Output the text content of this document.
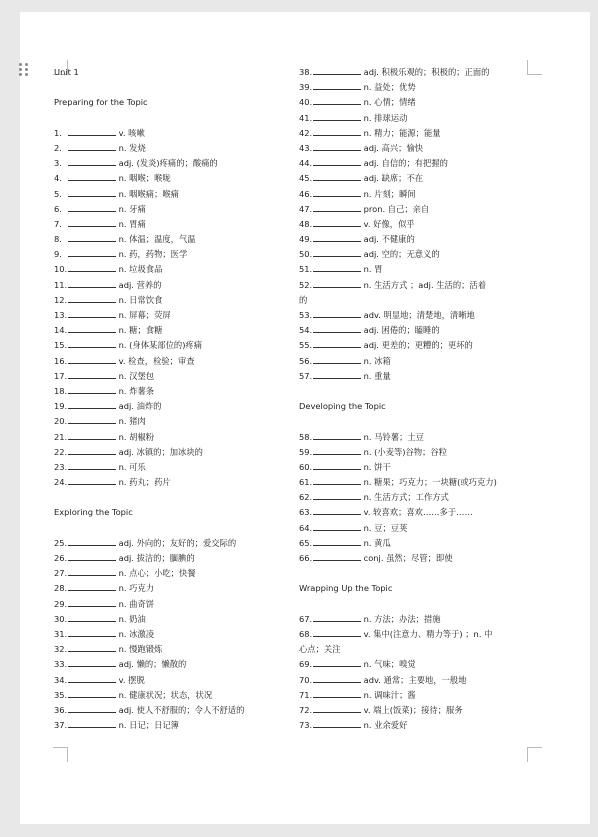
Unit 1
Preparing for the Topic
1.	v. 咳嗽
2.	n. 发烧
3.	adj. (发炎)疼痛的；酸痛的
4.	n. 咽喉；喉咙
5.	n. 咽喉痛；喉痛
6.	n. 牙痛
7.	n. 胃痛
8.	n. 体温；温度，气温
9.	n. 药，药物；医学
10.	n. 垃圾食品
11.	adj. 营养的
12.	n. 日常饮食
13.	n. 屏幕；荧屏
14.	n. 糖；食糖
15.	n. (身体某部位的)疼痛
16.	v. 检查，检验；审查
17.	n. 汉堡包
18.	n. 炸薯条
19.	adj. 油炸的
20.	n. 猪肉
21.	n. 胡椒粉
22.	adj. 冰镇的；加冰块的
23.	n. 可乐
24.	n. 药丸；药片
Exploring the Topic
25.	adj. 外向的；友好的；爱交际的
26.	adj. 拔洁的；腼腆的
27.	n. 点心；小吃；快餐
28.	n. 巧克力
29.	n. 曲奇饼
30.	n. 奶油
31.	n. 冰激凌
32.	n. 慢跑锻炼
33.	adj. 懒的；懒散的
34.	v. 摆脱
35.	n. 健康状况；状态，状况
36.	adj. 使人不舒服的；令人不舒适的
37.	n. 日记；日记簿
38.	adj. 积极乐观的；积极的；正面的
39.	n. 益处；优势
40.	n. 心情；情绪
41.	n. 排球运动
42.	n. 精力；能源；能量
43.	adj. 高兴；愉快
44.	adj. 自信的；有把握的
45.	adj. 缺席；不在
46.	n. 片刻；瞬间
47.	pron. 自己；亲自
48.	v. 好像，似乎
49.	adj. 不健康的
50.	adj. 空的；无意义的
51.	n. 胃
52.	n. 生活方式 ；adj. 生活的；活着
的
53.	adv. 明显地；清楚地，清晰地
54.	adj. 困倦的；瞌睡的
55.	adj. 更差的；更糟的；更坏的
56.	n. 冰箱
57.	n. 重量
Developing the Topic
58.	n. 马铃薯；土豆
59.	n. (小麦等)谷物；谷粒
60.	n. 饼干
61.	n. 糖果；巧克力；一块糖(或巧克力)
62.	n. 生活方式；工作方式
63.	v. 较喜欢；喜欢……多于……
64.	n. 豆；豆荚
65.	n. 黄瓜
66.	conj. 虽然；尽管；即使
Wrapping Up the Topic
67.	n. 方法；办法；措施
68.	v. 集中(注意力、精力等于) ；n. 中
心点；关注
69.	n. 气味；嗅觉
70.	adv. 通常；主要地，一般地
71.	n. 调味汁；酱
72.	v. 端上(饭菜)；接待；服务
73.	n. 业余爱好
